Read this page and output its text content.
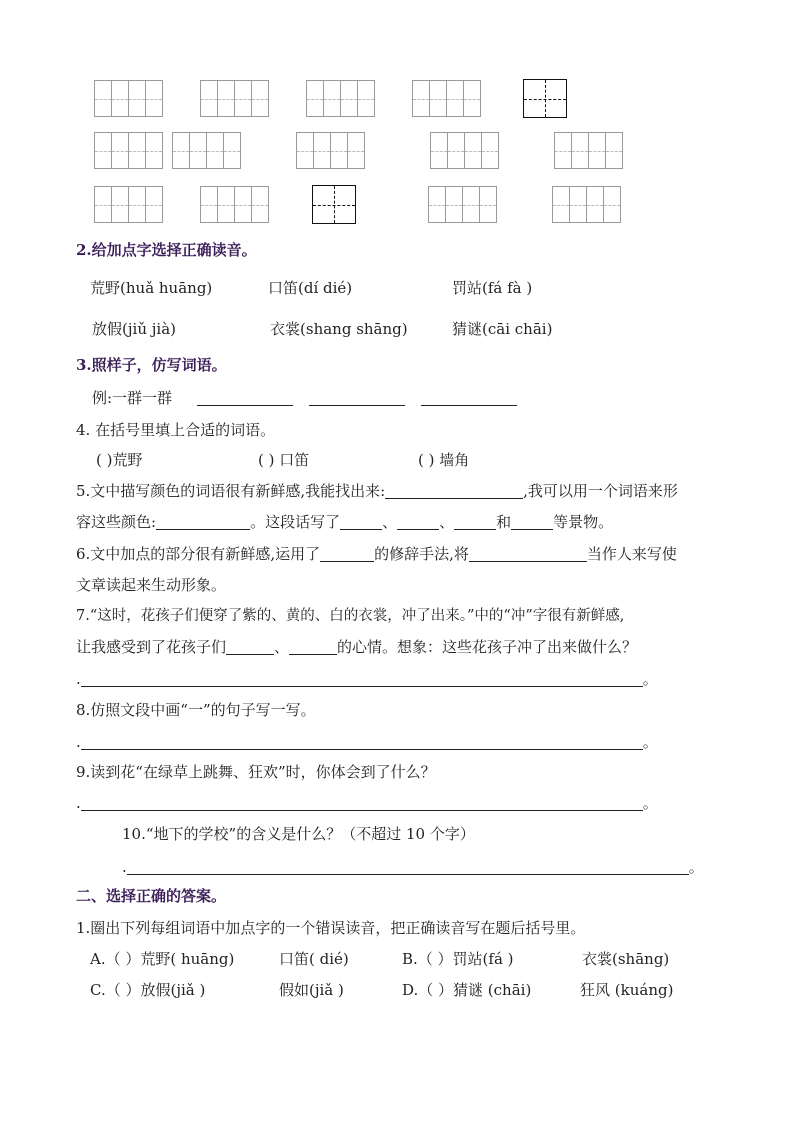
2.给加点字选择正确读音。
荒野(huǎ huāng)	口笛(dí dié)	罚站(fá fà )
放假(jiǔ jià)	衣裳(shang shāng)	猜谜(cāi chāi)
3.照样子，仿写词语。
例:一群一群
4. 在括号里填上合适的词语。
( )荒野	( ) 口笛	( ) 墙角
5.文中描写颜色的词语很有新鲜感,我能找出来:	,我可以用一个词语来形
容这些颜色:	。这段话写了	、	、	和	等景物。
6.文中加点的部分很有新鲜感,运用了	的修辞手法,将	当作人来写使
文章读起来生动形象。
7.“这时，花孩子们便穿了紫的、黄的、白的衣裳，冲了出来。”中的“冲”字很有新鲜感,
让我感受到了花孩子们	、	的心情。想象：这些花孩子冲了出来做什么？
.	。
8.仿照文段中画“一”的句子写一写。
.	。
9.读到花“在绿草上跳舞、狂欢”时，你体会到了什么？
.	。
10.“地下的学校”的含义是什么？（不超过 10 个字）
.	。
二、选择正确的答案。
1.圈出下列每组词语中加点字的一个错误读音，把正确读音写在题后括号里。
A.（ ）荒野( huāng)	口笛( dié)	B.（ ）罚站(fá )	衣裳(shāng)
C.（ ）放假(jiǎ )	假如(jiǎ )	D.（ ）猜谜 (chāi)	狂风 (kuáng)
